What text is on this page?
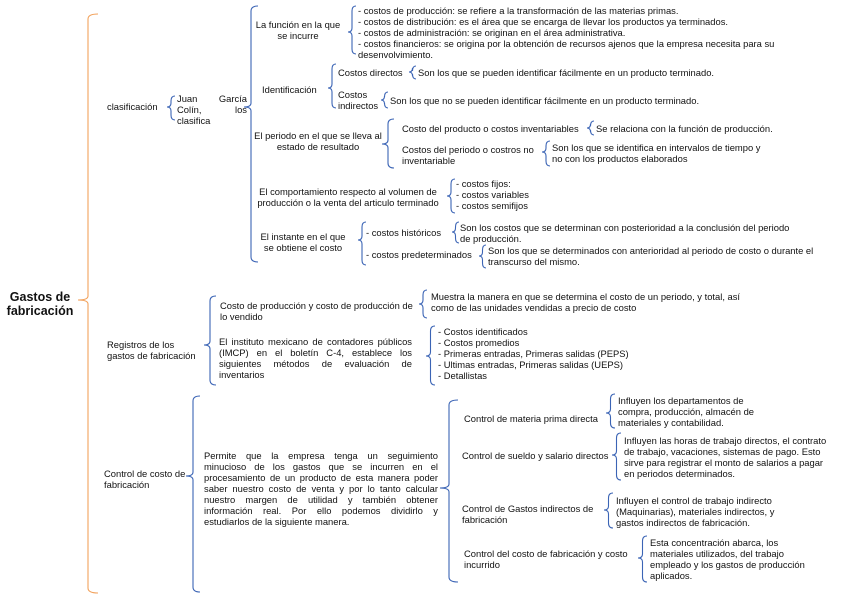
Gastos de
fabricación
clasificación
Juan García Colín, los clasifica
La función en la que
se incurre
- costos de producción: se refiere a la transformación de las materias primas.
- costos de distribución: es el área que se encarga de llevar los productos ya terminados.
- costos de administración: se originan en el área administrativa.
- costos financieros: se origina por la obtención de recursos ajenos que la empresa necesita para su
desenvolvimiento.
Identificación
Costos directos Son los que se pueden identificar fácilmente en un producto terminado.
Costos
indirectos Son los que no se pueden identificar fácilmente en un producto terminado.
El periodo en el que se lleva al
estado de resultado
Costo del producto o costos inventariables Se relaciona con la función de producción.
Costos del periodo o costros no
inventariable
Son los que se identifica en intervalos de tiempo y
no con los productos elaborados
El comportamiento respecto al volumen de
producción o la venta del articulo terminado
- costos fijos:
- costos variables
- costos semifijos
El instante en el que
se obtiene el costo
- costos históricos Son los costos que se determinan con posterioridad a la conclusión del periodo
de producción.
- costos predeterminados Son los que se determinados con anterioridad al periodo de costo o durante el
transcurso del mismo.
Registros de los
gastos de fabricación
Costo de producción y costo de producción de
lo vendido
Muestra la manera en que se determina el costo de un periodo, y total, así
como de las unidades vendidas a precio de costo
El instituto mexicano de contadores públicos (IMCP) en el boletín C-4, establece los siguientes métodos de evaluación de inventarios
- Costos identificados
- Costos promedios
- Primeras entradas, Primeras salidas (PEPS)
- Ultimas entradas, Primeras salidas (UEPS)
- Detallistas
Control de costo de
fabricación
Permite que la empresa tenga un seguimiento minucioso de los gastos que se incurren en el procesamiento de un producto de esta manera poder saber nuestro costo de venta y por lo tanto calcular nuestro margen de utilidad y también obtener información real. Por ello podemos dividirlo y estudiarlos de la siguiente manera.
Control de materia prima directa
Influyen los departamentos de
compra, producción, almacén de
materiales y contabilidad.
Control de sueldo y salario directos
Influyen las horas de trabajo directos, el contrato
de trabajo, vacaciones, sistemas de pago. Esto
sirve para registrar el monto de salarios a pagar
en periodos determinados.
Control de Gastos indirectos de
fabricación
Influyen el control de trabajo indirecto
(Maquinarias), materiales indirectos, y
gastos indirectos de fabricación.
Control del costo de fabricación y costo
incurrido
Esta concentración abarca, los
materiales utilizados, del trabajo
empleado y los gastos de producción
aplicados.
